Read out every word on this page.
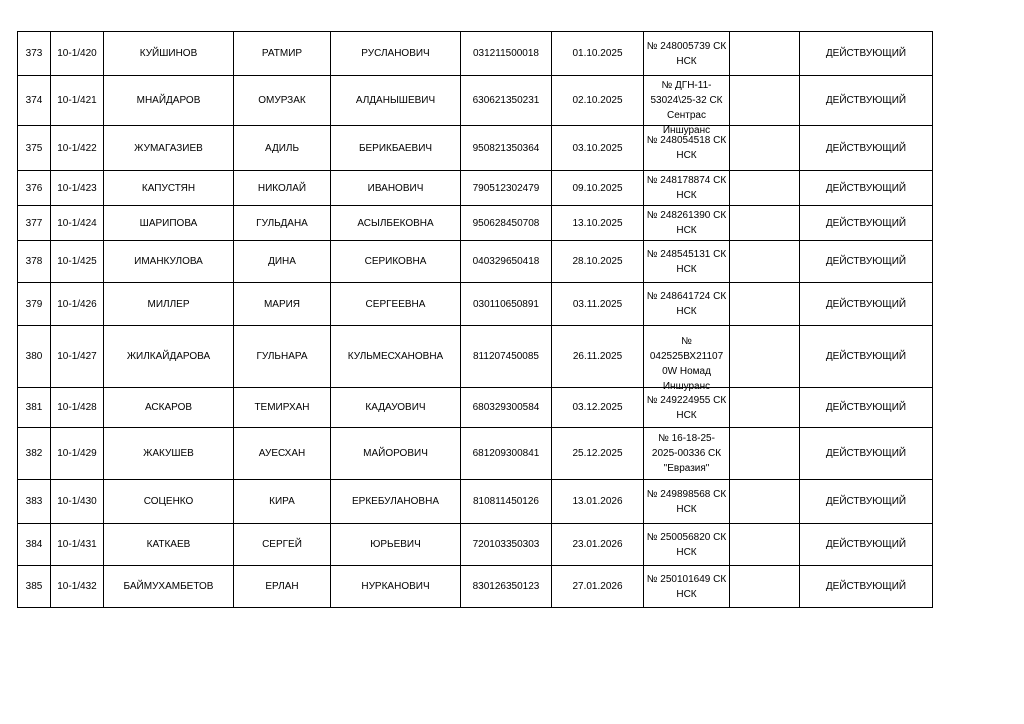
373	10-1/420	КУЙШИНОВ	РАТМИР	РУСЛАНОВИЧ	031211500018	01.10.2025	№ 248005739 СК НСК		ДЕЙСТВУЮЩИЙ
374	10-1/421	МНАЙДАРОВ	ОМУРЗАК	АЛДАНЫШЕВИЧ	630621350231	02.10.2025	№ ДГН-11-53024\25-32 СК Сентрас Иншуранс		ДЕЙСТВУЮЩИЙ
375	10-1/422	ЖУМАГАЗИЕВ	АДИЛЬ	БЕРИКБАЕВИЧ	950821350364	03.10.2025	№ 248054518 СК НСК		ДЕЙСТВУЮЩИЙ
376	10-1/423	КАПУСТЯН	НИКОЛАЙ	ИВАНОВИЧ	790512302479	09.10.2025	№ 248178874 СК НСК		ДЕЙСТВУЮЩИЙ
377	10-1/424	ШАРИПОВА	ГУЛЬДАНА	АСЫЛБЕКОВНА	950628450708	13.10.2025	№ 248261390 СК НСК		ДЕЙСТВУЮЩИЙ
378	10-1/425	ИМАНКУЛОВА	ДИНА	СЕРИКОВНА	040329650418	28.10.2025	№ 248545131 СК НСК		ДЕЙСТВУЮЩИЙ
379	10-1/426	МИЛЛЕР	МАРИЯ	СЕРГЕЕВНА	030110650891	03.11.2025	№ 248641724 СК НСК		ДЕЙСТВУЮЩИЙ
380	10-1/427	ЖИЛКАЙДАРОВА	ГУЛЬНАРА	КУЛЬМЕСХАНОВНА	811207450085	26.11.2025	№ 042525ВХ21107 0W Номад Иншуранс		ДЕЙСТВУЮЩИЙ
381	10-1/428	АСКАРОВ	ТЕМИРХАН	КАДАУОВИЧ	680329300584	03.12.2025	№ 249224955 СК НСК		ДЕЙСТВУЮЩИЙ
382	10-1/429	ЖАКУШЕВ	АУЕСХАН	МАЙОРОВИЧ	681209300841	25.12.2025	№ 16-18-25-2025-00336 СК "Евразия"		ДЕЙСТВУЮЩИЙ
383	10-1/430	СОЦЕНКО	КИРА	ЕРКЕБУЛАНОВНА	810811450126	13.01.2026	№ 249898568 СК НСК		ДЕЙСТВУЮЩИЙ
384	10-1/431	КАТКАЕВ	СЕРГЕЙ	ЮРЬЕВИЧ	720103350303	23.01.2026	№ 250056820 СК НСК		ДЕЙСТВУЮЩИЙ
385	10-1/432	БАЙМУХАМБЕТОВ	ЕРЛАН	НУРКАНОВИЧ	830126350123	27.01.2026	№ 250101649 СК НСК		ДЕЙСТВУЮЩИЙ
